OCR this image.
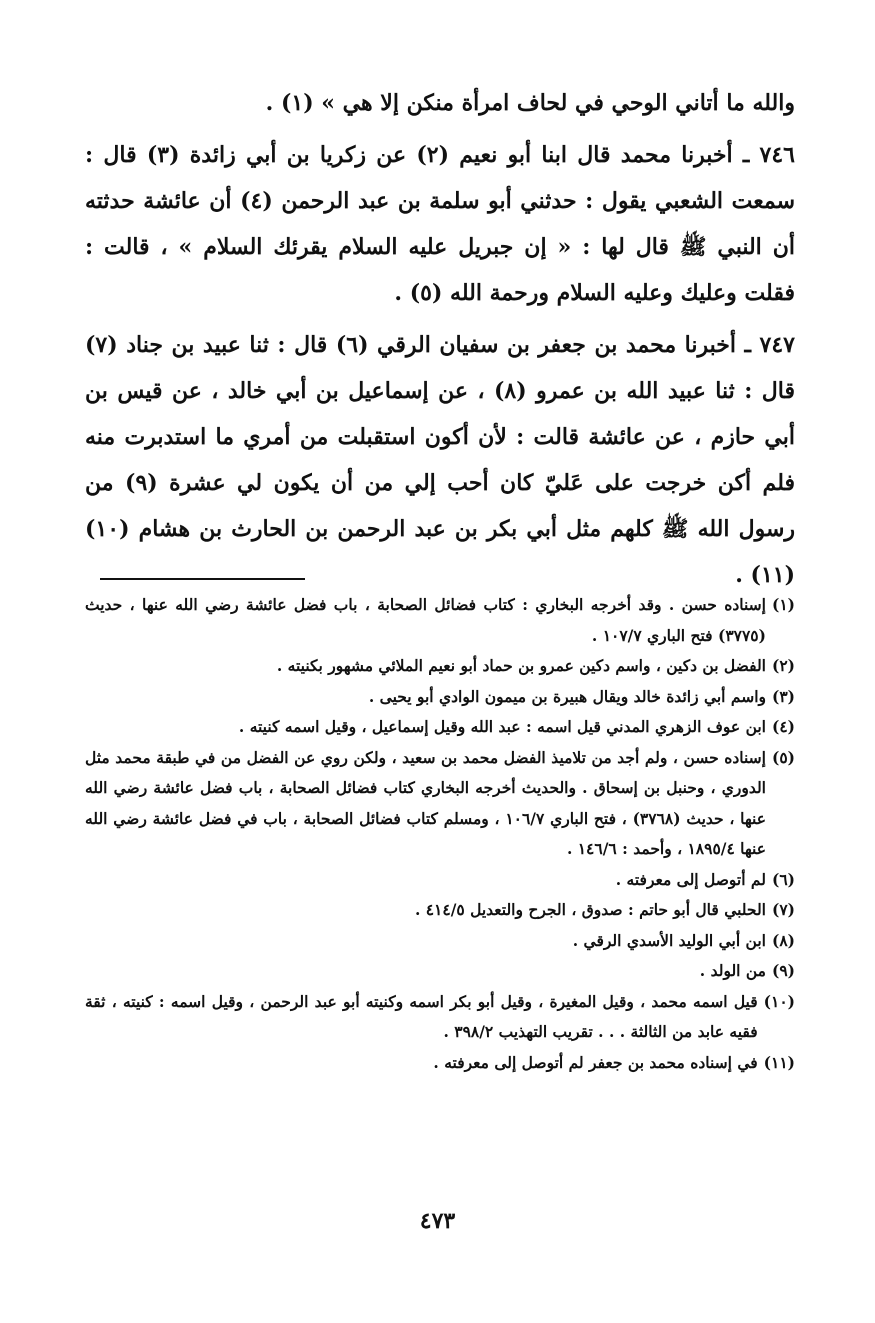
والله ما أتاني الوحي في لحاف امرأة منكن إلا هي » (١) .

٧٤٦ ـ أخبرنا محمد قال ابنا أبو نعيم (٢) عن زكريا بن أبي زائدة (٣) قال : سمعت الشعبي يقول : حدثني أبو سلمة بن عبد الرحمن (٤) أن عائشة حدثته أن النبي ﷺ قال لها : « إن جبريل عليه السلام يقرئك السلام » ، قالت : فقلت وعليك وعليه السلام ورحمة الله (٥) .

٧٤٧ ـ أخبرنا محمد بن جعفر بن سفيان الرقي (٦) قال : ثنا عبيد بن جناد (٧) قال : ثنا عبيد الله بن عمرو (٨) ، عن إسماعيل بن أبي خالد ، عن قيس بن أبي حازم ، عن عائشة قالت : لأن أكون استقبلت من أمري ما استدبرت منه فلم أكن خرجت على عَليّ كان أحب إلي من أن يكون لي عشرة (٩) من رسول الله ﷺ كلهم مثل أبي بكر بن عبد الرحمن بن الحارث بن هشام (١٠) (١١) .

(١)
إسناده حسن . وقد أخرجه البخاري : كتاب فضائل الصحابة ، باب فضل عائشة رضي الله عنها ، حديث (٣٧٧٥) فتح الباري ١٠٧/٧ .
(٢)
الفضل بن دكين ، واسم دكين عمرو بن حماد أبو نعيم الملائي مشهور بكنيته .
(٣)
واسم أبي زائدة خالد ويقال هبيرة بن ميمون الوادي أبو يحيى .
(٤)
ابن عوف الزهري المدني قيل اسمه : عبد الله وقيل إسماعيل ، وقيل اسمه كنيته .
(٥)
إسناده حسن ، ولم أجد من تلاميذ الفضل محمد بن سعيد ، ولكن روي عن الفضل من في طبقة محمد مثل الدوري ، وحنبل بن إسحاق . والحديث أخرجه البخاري كتاب فضائل الصحابة ، باب فضل عائشة رضي الله عنها ، حديث (٣٧٦٨) ، فتح الباري ١٠٦/٧ ، ومسلم كتاب فضائل الصحابة ، باب في فضل عائشة رضي الله عنها ١٨٩٥/٤ ، وأحمد : ١٤٦/٦ .
(٦)
لم أتوصل إلى معرفته .
(٧)
الحلبي قال أبو حاتم : صدوق ، الجرح والتعديل ٤١٤/٥ .
(٨)
ابن أبي الوليد الأسدي الرقي .
(٩)
من الولد .
(١٠)
قيل اسمه محمد ، وقيل المغيرة ، وقيل أبو بكر اسمه وكنيته أبو عبد الرحمن ، وقيل اسمه : كنيته ، ثقة فقيه عابد من الثالثة . . . تقريب التهذيب ٣٩٨/٢ .
(١١)
في إسناده محمد بن جعفر لم أتوصل إلى معرفته .
٤٧٣
